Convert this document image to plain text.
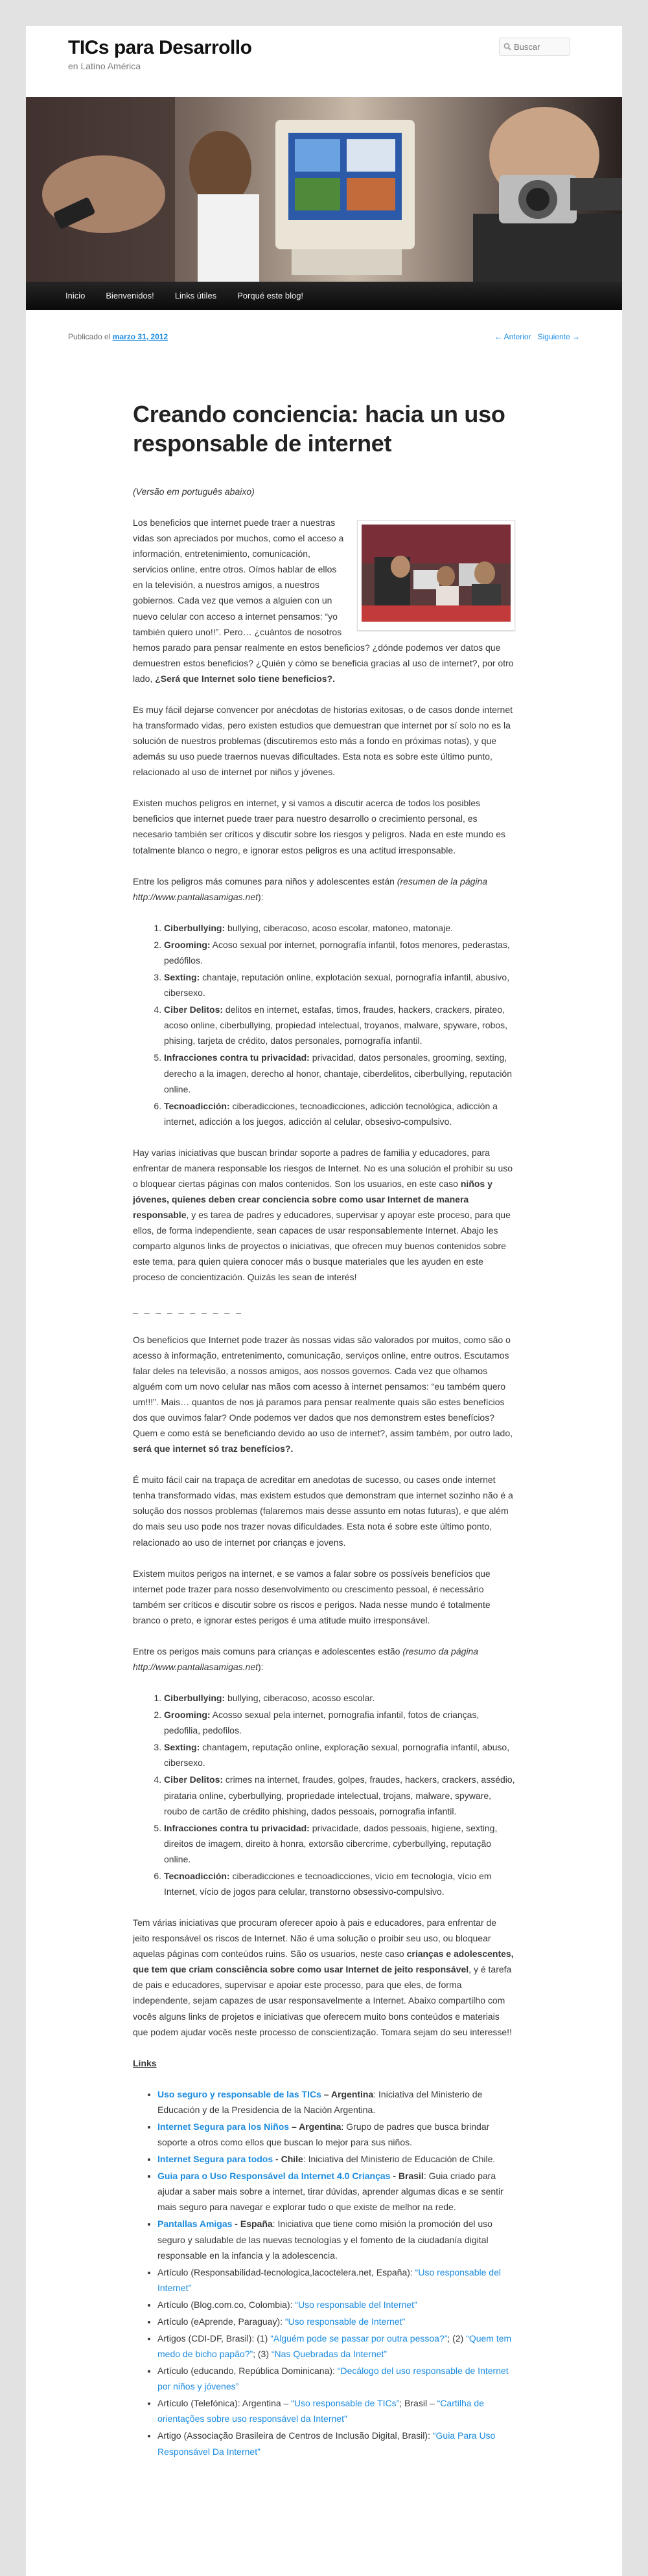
TICs para Desarrollo
en Latino América
Buscar
Inicio	Bienvenidos!	Links útiles	Porqué este blog!
Publicado el marzo 31, 2012	← Anterior Siguiente →
Creando conciencia: hacia un uso responsable de internet

(Versão em português abaixo)

Los beneficios que internet puede traer a nuestras vidas son apreciados por muchos, como el acceso a información, entretenimiento, comunicación, servicios online, entre otros. Oímos hablar de ellos en la televisión, a nuestros amigos, a nuestros gobiernos. Cada vez que vemos a alguien con un nuevo celular con acceso a internet pensamos: “yo también quiero uno!!”. Pero… ¿cuántos de nosotros hemos parado para pensar realmente en estos beneficios? ¿dónde podemos ver datos que demuestren estos beneficios? ¿Quién y cómo se beneficia gracias al uso de internet?, por otro lado, ¿Será que Internet solo tiene beneficios?.

Es muy fácil dejarse convencer por anécdotas de historias exitosas, o de casos donde internet ha transformado vidas, pero existen estudios que demuestran que internet por sí solo no es la solución de nuestros problemas (discutiremos esto más a fondo en próximas notas), y que además su uso puede traernos nuevas dificultades. Esta nota es sobre este último punto, relacionado al uso de internet por niños y jóvenes.

Existen muchos peligros en internet, y si vamos a discutir acerca de todos los posibles beneficios que internet puede traer para nuestro desarrollo o crecimiento personal, es necesario también ser críticos y discutir sobre los riesgos y peligros. Nada en este mundo es totalmente blanco o negro, e ignorar estos peligros es una actitud irresponsable.

Entre los peligros más comunes para niños y adolescentes están (resumen de la página http://www.pantallasamigas.net):

1. Ciberbullying: bullying, ciberacoso, acoso escolar, matoneo, matonaje.
2. Grooming: Acoso sexual por internet, pornografía infantil, fotos menores, pederastas, pedófilos.
3. Sexting: chantaje, reputación online, explotación sexual, pornografía infantil, abusivo, cibersexo.
4. Ciber Delitos: delitos en internet, estafas, timos, fraudes, hackers, crackers, pirateo, acoso online, ciberbullying, propiedad intelectual, troyanos, malware, spyware, robos, phising, tarjeta de crédito, datos personales, pornografía infantil.
5. Infracciones contra tu privacidad: privacidad, datos personales, grooming, sexting, derecho a la imagen, derecho al honor, chantaje, ciberdelitos, ciberbullying, reputación online.
6. Tecnoadicción: ciberadicciones, tecnoadicciones, adicción tecnológica, adicción a internet, adicción a los juegos, adicción al celular, obsesivo-compulsivo.

Hay varias iniciativas que buscan brindar soporte a padres de familia y educadores, para enfrentar de manera responsable los riesgos de Internet. No es una solución el prohibir su uso o bloquear ciertas páginas con malos contenidos. Son los usuarios, en este caso niños y jóvenes, quienes deben crear conciencia sobre como usar Internet de manera responsable, y es tarea de padres y educadores, supervisar y apoyar este proceso, para que ellos, de forma independiente, sean capaces de usar responsablemente Internet. Abajo les comparto algunos links de proyectos o iniciativas, que ofrecen muy buenos contenidos sobre este tema, para quien quiera conocer más o busque materiales que les ayuden en este proceso de concientización. Quizás les sean de interés!

_ _ _ _ _ _ _ _ _ _

Os benefícios que Internet pode trazer às nossas vidas são valorados por muitos, como são o acesso à informação, entretenimento, comunicação, serviços online, entre outros. Escutamos falar deles na televisão, a nossos amigos, aos nossos governos. Cada vez que olhamos alguém com um novo celular nas mãos com acesso à internet pensamos: “eu também quero um!!!”. Mais… quantos de nos já paramos para pensar realmente quais são estes benefícios dos que ouvimos falar? Onde podemos ver dados que nos demonstrem estes benefícios? Quem e como está se beneficiando devido ao uso de internet?, assim também, por outro lado, será que internet só traz benefícios?.

É muito fácil cair na trapaça de acreditar em anedotas de sucesso, ou cases onde internet tenha transformado vidas, mas existem estudos que demonstram que internet sozinho não é a solução dos nossos problemas (falaremos mais desse assunto em notas futuras), e que além do mais seu uso pode nos trazer novas dificuldades. Esta nota é sobre este último ponto, relacionado ao uso de internet por crianças e jovens.

Existem muitos perigos na internet, e se vamos a falar sobre os possíveis benefícios que internet pode trazer para nosso desenvolvimento ou crescimento pessoal, é necessário também ser críticos e discutir sobre os riscos e perigos. Nada nesse mundo é totalmente branco o preto, e ignorar estes perigos é uma atitude muito irresponsável.

Entre os perigos mais comuns para crianças e adolescentes estão (resumo da página http://www.pantallasamigas.net):

1. Ciberbullying: bullying, ciberacoso, acosso escolar.
2. Grooming: Acosso sexual pela internet, pornografia infantil, fotos de crianças, pedofilia, pedofilos.
3. Sexting: chantagem, reputação online, exploração sexual, pornografia infantil, abuso, cibersexo.
4. Ciber Delitos: crimes na internet, fraudes, golpes, fraudes, hackers, crackers, assédio, pirataria online, cyberbullying, propriedade intelectual, trojans, malware, spyware, roubo de cartão de crédito phishing, dados pessoais, pornografia infantil.
5. Infracciones contra tu privacidad: privacidade, dados pessoais, higiene, sexting, direitos de imagem, direito à honra, extorsão cibercrime, cyberbullying, reputação online.
6. Tecnoadicción: ciberadicciones e tecnoadicciones, vício em tecnologia, vício em Internet, vício de jogos para celular, transtorno obsessivo-compulsivo.

Tem várias iniciativas que procuram oferecer apoio à pais e educadores, para enfrentar de jeito responsável os riscos de Internet. Não é uma solução o proibir seu uso, ou bloquear aquelas páginas com conteúdos ruins. São os usuarios, neste caso crianças e adolescentes, que tem que criam consciência sobre como usar Internet de jeito responsável, y é tarefa de pais e educadores, supervisar e apoiar este processo, para que eles, de forma independente, sejam capazes de usar responsavelmente a Internet. Abaixo compartilho com vocês alguns links de projetos e iniciativas que oferecem muito bons conteúdos e materiais que podem ajudar vocês neste processo de conscientização. Tomara sejam do seu interesse!!

Links

• Uso seguro y responsable de las TICs – Argentina: Iniciativa del Ministerio de Educación y de la Presidencia de la Nación Argentina.
• Internet Segura para los Niños – Argentina: Grupo de padres que busca brindar soporte a otros como ellos que buscan lo mejor para sus niños.
• Internet Segura para todos - Chile: Iniciativa del Ministerio de Educación de Chile.
• Guia para o Uso Responsável da Internet 4.0 Crianças - Brasil: Guia criado para ajudar a saber mais sobre a internet, tirar dúvidas, aprender algumas dicas e se sentir mais seguro para navegar e explorar tudo o que existe de melhor na rede.
• Pantallas Amigas - España: Iniciativa que tiene como misión la promoción del uso seguro y saludable de las nuevas tecnologías y el fomento de la ciudadanía digital responsable en la infancia y la adolescencia.
• Artículo (Responsabilidad-tecnologica,lacoctelera.net, España): “Uso responsable del Internet”
• Artículo (Blog.com.co, Colombia): “Uso responsable del Internet”
• Artículo (eAprende, Paraguay): “Uso responsable de Internet”
• Artigos (CDI-DF, Brasil): (1) “Alguém pode se passar por outra pessoa?”; (2) “Quem tem medo de bicho papão?”; (3) “Nas Quebradas da Internet”
• Artículo (educando, República Dominicana): “Decálogo del uso responsable de Internet por niños y jóvenes”
• Artículo (Telefónica): Argentina – “Uso responsable de TICs”; Brasil – “Cartilha de orientações sobre uso responsável da Internet”
• Artigo (Associação Brasileira de Centros de Inclusão Digital, Brasil): “Guia Para Uso Responsável Da Internet”
